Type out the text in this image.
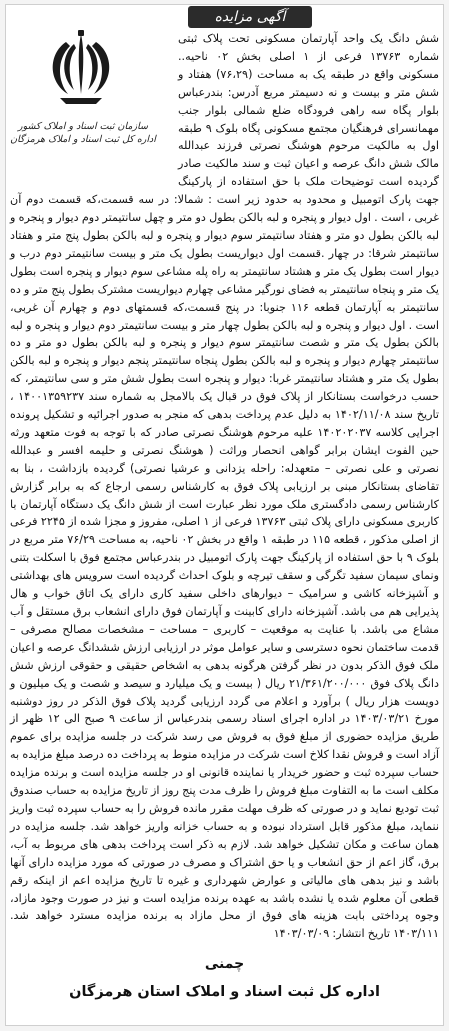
آگهی مزایده
سازمان ثبت اسناد و املاک کشور
اداره کل ثبت اسناد و املاک هرمزگان
شش دانگ یک واحد آپارتمان مسکونی تحت پلاک ثبتی شماره ۱۳۷۶۳ فرعی از ۱ اصلی بخش ۰۲ ناحیه.. مسکونی واقع در طبقه یک به مساحت (۷۶،۲۹) هفتاد و شش متر و بیست و نه دسیمتر مربع آدرس: بندرعباس بلوار پگاه سه راهی فرودگاه ضلع شمالی بلوار جنب مهمانسرای فرهنگیان مجتمع مسکونی پگاه بلوک ۹ طبقه اول به مالکیت مرحوم هوشنگ نصرتی فرزند عبدالله مالک شش دانگ عرصه و اعیان ثبت و سند مالکیت صادر گردیده است توضیحات ملک با حق استفاده از پارکینگ جهت پارک اتومبیل و محدود به حدود زیر است : شمالا: در سه قسمت،که قسمت دوم آن غربی ، است . اول دیوار و پنجره و لبه بالکن بطول دو متر و چهل سانتیمتر دوم دیوار و پنجره و لبه بالکن بطول دو متر و هفتاد سانتیمتر سوم دیوار و پنجره و لبه بالکن بطول پنج متر و هفتاد سانتیمتر شرقا: در چهار .قسمت اول دیواریست بطول یک متر و بیست سانتیمتر دوم درب و دیوار است بطول یک متر و هشتاد سانتیمتر به راه پله مشاعی سوم دیوار و پنجره است بطول یک متر و پنجاه سانتیمتر به فضای نورگیر مشاعی چهارم دیواریست مشترک بطول پنج متر و ده سانتیمتر به آپارتمان قطعه ۱۱۶ جنوبا: در پنج قسمت،که قسمتهای دوم و چهارم آن غربی، است . اول دیوار و پنجره و لبه بالکن بطول چهار متر و بیست سانتیمتر دوم دیوار و پنجره و لبه بالکن بطول یک متر و شصت سانتیمتر سوم دیوار و پنجره و لبه بالکن بطول دو متر و ده سانتیمتر چهارم دیوار و پنجره و لبه بالکن بطول پنجاه سانتیمتر پنجم دیوار و پنجره و لبه بالکن بطول یک متر و هشتاد سانتیمتر غربا: دیوار و پنجره است بطول شش متر و سی سانتیمتر، که حسب درخواست بستانکار از پلاک فوق در قبال یک بالامجل به شماره سند ۱۴۰۰۱۳۵۹۲۳۷ ، تاریخ سند ۱۴۰۲/۱۱/۰۸ به دلیل عدم پرداخت بدهی که منجر به صدور اجرائیه و تشکیل پرونده اجرایی کلاسه ۱۴۰۲۰۲۰۳۷ علیه مرحوم هوشنگ نصرتی صادر که با توجه به فوت متعهد ورثه حین الفوت ایشان برابر گواهی انحصار وراثت ( هوشنگ نصرتی و حلیمه افسر و عبدالله نصرتی و علی نصرتی – متعهدله: راحله یزدانی و عرشیا نصرتی) گردیده بازداشت ، بنا به تقاضای بستانکار مبنی بر ارزیابی پلاک فوق به کارشناس رسمی ارجاع که به برابر گزارش کارشناس رسمی دادگستری ملک مورد نظر عبارت است از شش دانگ یک دستگاه آپارتمان با کاربری مسکونی دارای پلاک ثبتی ۱۳۷۶۳ فرعی از ۱ اصلی، مفروز و مجزا شده از ۲۲۴۵ فرعی از اصلی مذکور ، قطعه ۱۱۵ در طبقه ۱ واقع در بخش ۰۲ ناحیه، به مساحت ۷۶/۲۹ متر مربع در بلوک ۹ با حق استفاده از پارکینگ جهت پارک اتومبیل در بندرعباس مجتمع فوق با اسکلت بتنی ونمای سیمان سفید تگرگی و سقف تیرچه و بلوک احداث گردیده است سرویس های بهداشتی و آشپزخانه کاشی و سرامیک – دیوارهای داخلی سفید کاری دارای یک اتاق خواب و هال پذیرایی هم می باشد. آشپزخانه دارای کابینت و آپارتمان فوق دارای انشعاب برق مستقل و آب مشاع می باشد. با عنایت به موقعیت – کاربری – مساحت – مشخصات مصالح مصرفی – قدمت ساختمان نحوه دسترسی و سایر عوامل موثر در ارزیابی ارزش ششدانگ عرصه و اعیان ملک فوق الذکر بدون در نظر گرفتن هرگونه بدهی به اشخاص حقیقی و حقوقی ارزش شش دانگ پلاک فوق ۲۱/۳۶۱/۲۰۰/۰۰۰ ریال ( بیست و یک میلیارد و سیصد و شصت و یک میلیون و دویست هزار ریال ) برآورد و اعلام می گردد ارزیابی گردید پلاک فوق الذکر در روز دوشنبه مورخ ۱۴۰۳/۰۳/۲۱ در اداره اجرای اسناد رسمی بندرعباس از ساعت ۹ صبح الی ۱۲ ظهر از طریق مزایده حضوری از مبلغ فوق به فروش می رسد شرکت در جلسه مزایده برای عموم آزاد است و فروش نقدا کلاخ است شرکت در مزایده منوط به پرداخت ده درصد مبلغ مزایده به حساب سپرده ثبت و حضور خریدار یا نماینده قانونی او در جلسه مزایده است و برنده مزایده مکلف است ما به التفاوت مبلغ فروش را ظرف مدت پنج روز از تاریخ مزایده به حساب صندوق ثبت تودیع نماید و در صورتی که ظرف مهلت مقرر مانده فروش را به حساب سپرده ثبت واریز ننماید، مبلغ مذکور قابل استرداد نبوده و به حساب خزانه واریز خواهد شد. جلسه مزایده در همان ساعت و مکان تشکیل خواهد شد. لازم به ذکر است پرداخت بدهی های مربوط به آب، برق، گاز اعم از حق انشعاب و یا حق اشتراک و مصرف در صورتی که مورد مزایده دارای آنها باشد و نیز بدهی های مالیاتی و عوارض شهرداری و غیره تا تاریخ مزایده اعم از اینکه رقم قطعی آن معلوم شده یا نشده باشد به عهده برنده مزایده است و نیز در صورت وجود مازاد، وجوه پرداختی بابت هزینه های فوق از محل مازاد به برنده مزایده مسترد خواهد شد. ۱۴۰۳/۱۱۱ تاریخ انتشار: ۱۴۰۳/۰۳/۰۹
چمنی
اداره کل ثبت اسناد و املاک استان هرمزگان
